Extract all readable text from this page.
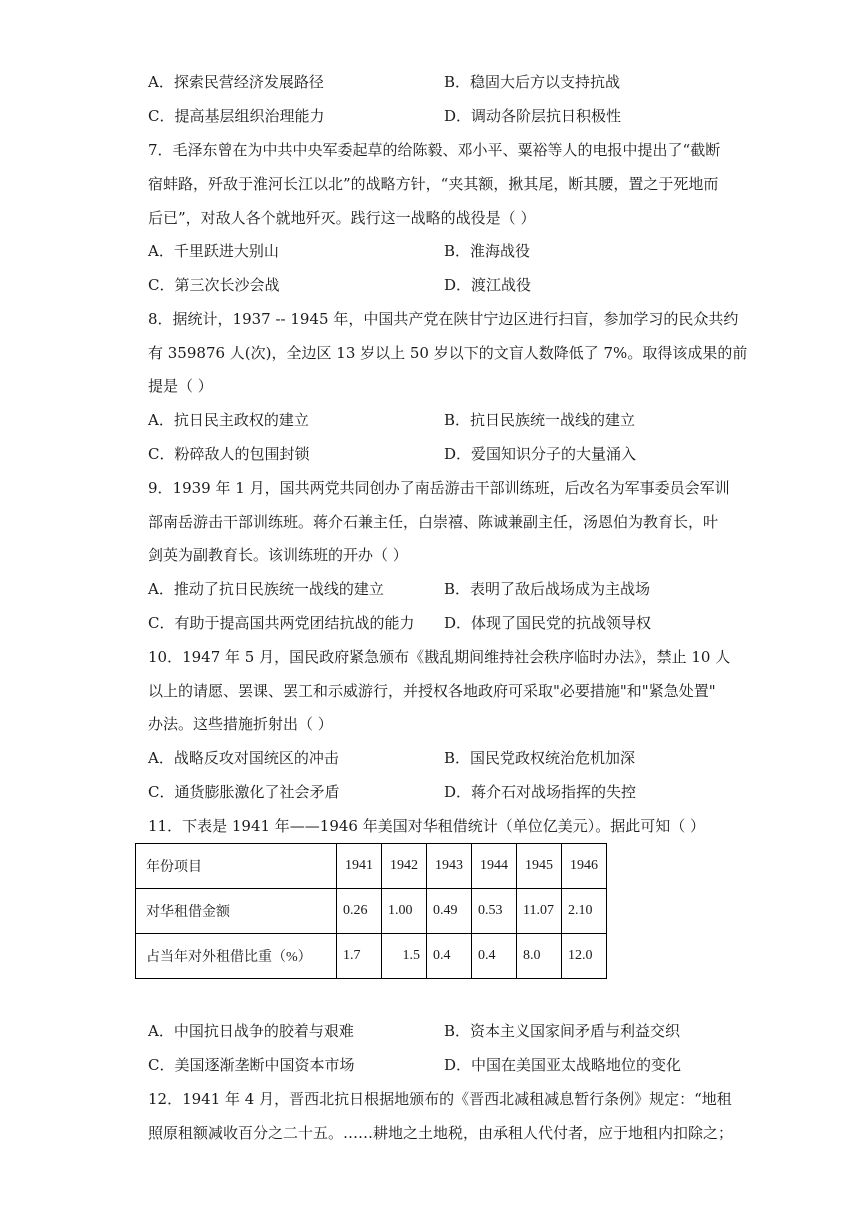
A．探索民营经济发展路径	B．稳固大后方以支持抗战
C．提高基层组织治理能力	D．调动各阶层抗日积极性
7．毛泽东曾在为中共中央军委起草的给陈毅、邓小平、粟裕等人的电报中提出了“截断
宿蚌路，歼敌于淮河长江以北”的战略方针，“夹其额，揪其尾，断其腰，置之于死地而
后已”，对敌人各个就地歼灭。践行这一战略的战役是（ ）
A．千里跃进大别山	B．淮海战役
C．第三次长沙会战	D．渡江战役
8．据统计，1937 -- 1945 年，中国共产党在陕甘宁边区进行扫盲，参加学习的民众共约
有 359876 人(次)，全边区 13 岁以上 50 岁以下的文盲人数降低了 7%。取得该成果的前
提是（ ）
A．抗日民主政权的建立	B．抗日民族统一战线的建立
C．粉碎敌人的包围封锁	D．爱国知识分子的大量涌入
9．1939 年 1 月，国共两党共同创办了南岳游击干部训练班，后改名为军事委员会军训
部南岳游击干部训练班。蒋介石兼主任，白崇禧、陈诚兼副主任，汤恩伯为教育长，叶
剑英为副教育长。该训练班的开办（ ）
A．推动了抗日民族统一战线的建立	B．表明了敌后战场成为主战场
C．有助于提高国共两党团结抗战的能力 D．体现了国民党的抗战领导权
10．1947 年 5 月，国民政府紧急颁布《戡乱期间维持社会秩序临时办法》，禁止 10 人
以上的请愿、罢课、罢工和示威游行，并授权各地政府可采取"必要措施"和"紧急处置"
办法。这些措施折射出（ ）
A．战略反攻对国统区的冲击	B．国民党政权统治危机加深
C．通货膨胀激化了社会矛盾	D．蒋介石对战场指挥的失控
11．下表是 1941 年——1946 年美国对华租借统计（单位亿美元）。据此可知（ ）
年份项目	1941	1942	1943	1944	1945	1946
对华租借金额	0.26	1.00	0.49	0.53	11.07	2.10
占当年对外租借比重（%）	1.7	1.5	0.4	0.4	8.0	12.0
A．中国抗日战争的胶着与艰难	B．资本主义国家间矛盾与利益交织
C．美国逐渐垄断中国资本市场	D．中国在美国亚太战略地位的变化
12．1941 年 4 月，晋西北抗日根据地颁布的《晋西北减租减息暂行条例》规定：“地租
照原租额减收百分之二十五。……耕地之土地税，由承租人代付者，应于地租内扣除之；
